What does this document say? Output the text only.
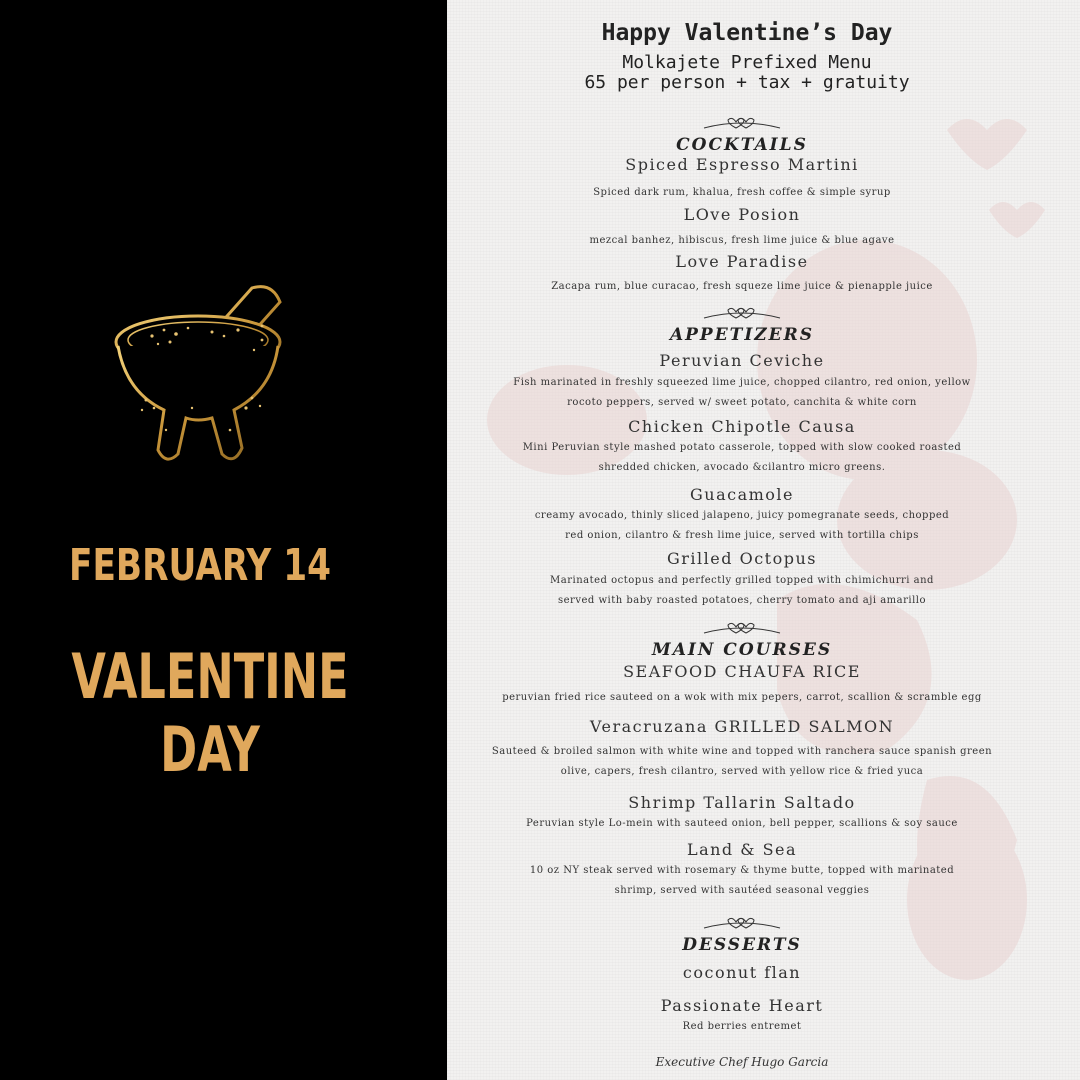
FEBRUARY 14
VALENTINE DAY
Happy Valentine’s Day
Molkajete Prefixed Menu
65 per person + tax + gratuity
COCKTAILS
Spiced Espresso Martini
Spiced dark rum, khalua, fresh coffee & simple syrup
LOve Posion
mezcal banhez, hibiscus, fresh lime juice & blue agave
Love Paradise
Zacapa rum, blue curacao, fresh squeze lime juice & pienapple juice
APPETIZERS
Peruvian Ceviche
Fish marinated in freshly squeezed lime juice, chopped cilantro, red onion, yellow
rocoto peppers, served w/ sweet potato, canchita & white corn
Chicken Chipotle Causa
Mini Peruvian style mashed potato casserole, topped with slow cooked roasted
shredded chicken, avocado &cilantro micro greens.
Guacamole
creamy avocado, thinly sliced jalapeno, juicy pomegranate seeds, chopped
red onion, cilantro & fresh lime juice, served with tortilla chips
Grilled Octopus
Marinated octopus and perfectly grilled topped with chimichurri and
served with baby roasted potatoes, cherry tomato and aji amarillo
MAIN COURSES
SEAFOOD CHAUFA RICE
peruvian fried rice sauteed on a wok with mix pepers, carrot, scallion & scramble egg
Veracruzana GRILLED SALMON
Sauteed & broiled salmon with white wine and topped with ranchera sauce spanish green
olive, capers, fresh cilantro, served with yellow rice & fried yuca
Shrimp Tallarin Saltado
Peruvian style Lo-mein with sauteed onion, bell pepper, scallions & soy sauce
Land & Sea
10 oz NY steak served with rosemary & thyme butte, topped with marinated
shrimp, served with sautéed seasonal veggies
DESSERTS
coconut flan
Passionate Heart
Red berries entremet
Executive Chef Hugo Garcia
